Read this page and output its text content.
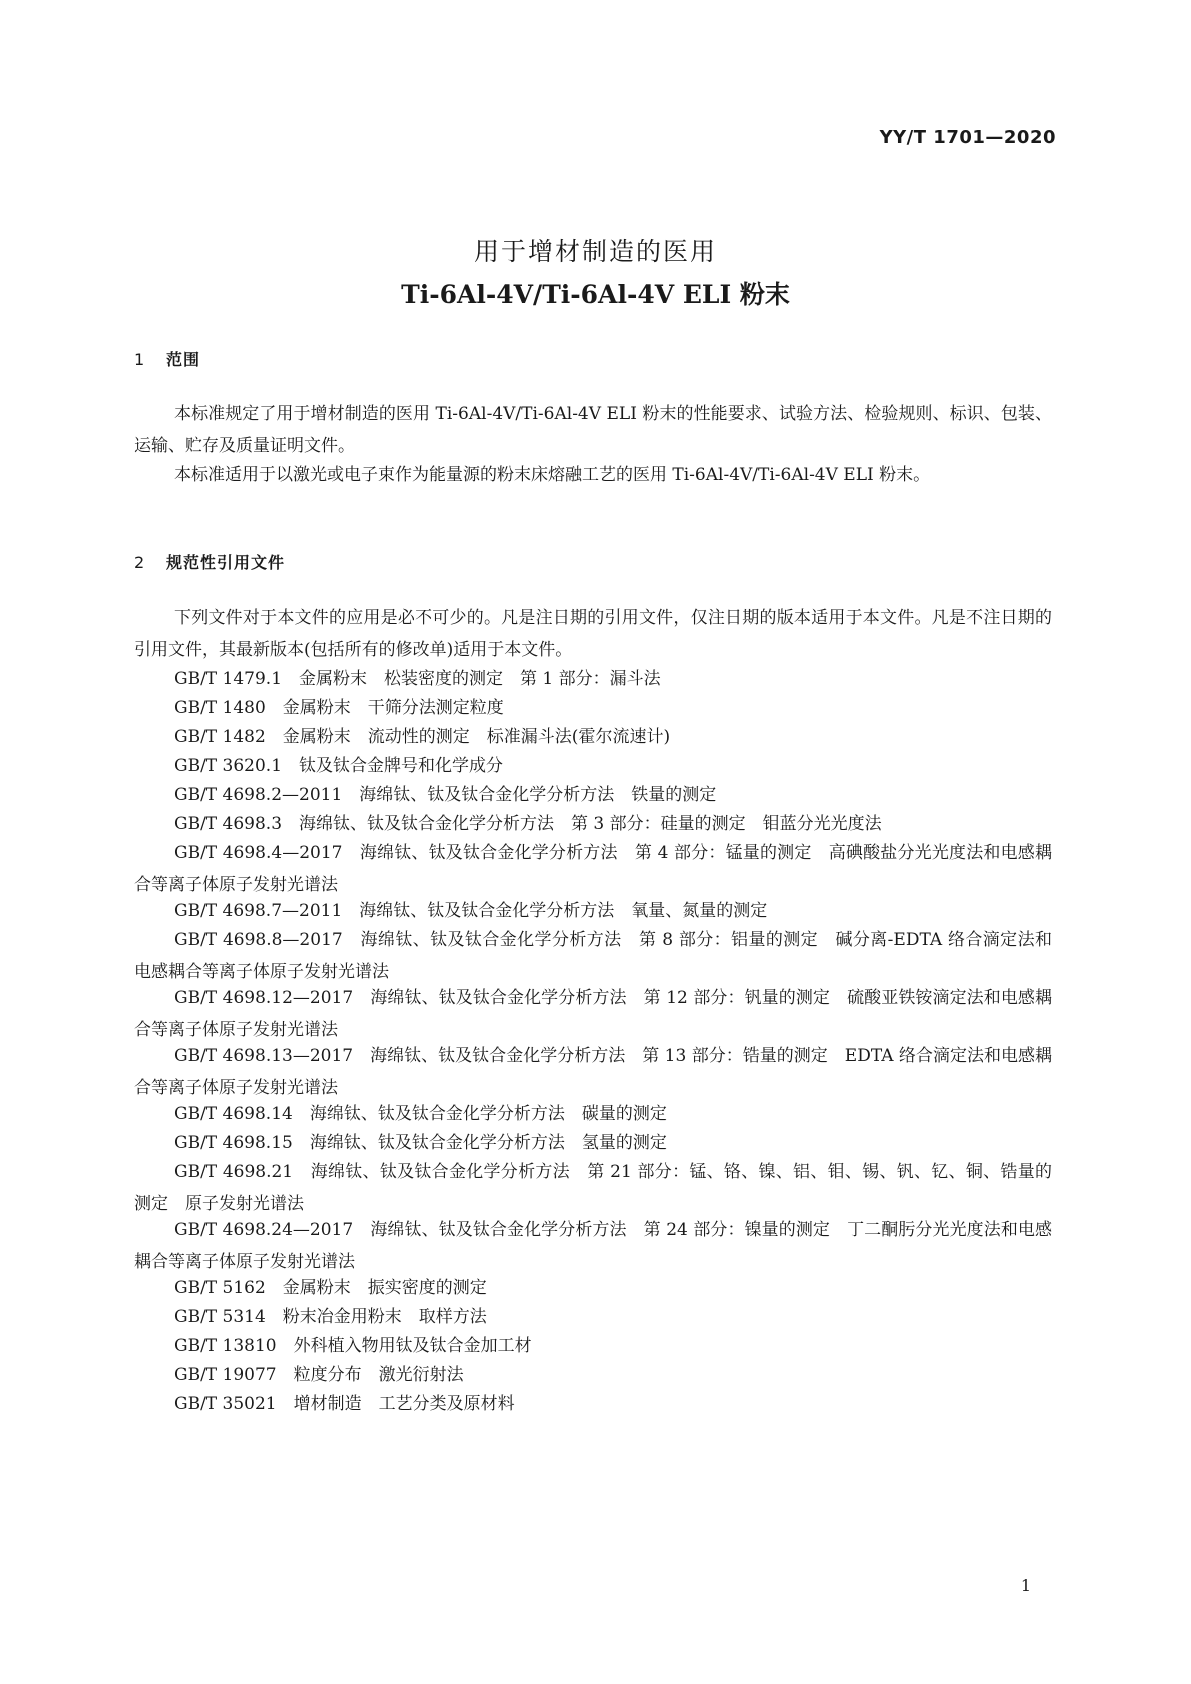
YY/T 1701—2020
用于增材制造的医用
Ti-6Al-4V/Ti-6Al-4V ELI 粉末
1 范围

本标准规定了用于增材制造的医用 Ti-6Al-4V/Ti-6Al-4V ELI 粉末的性能要求、试验方法、检验规则、标识、包装、运输、贮存及质量证明文件。

本标准适用于以激光或电子束作为能量源的粉末床熔融工艺的医用 Ti-6Al-4V/Ti-6Al-4V ELI 粉末。

2 规范性引用文件

下列文件对于本文件的应用是必不可少的。凡是注日期的引用文件，仅注日期的版本适用于本文件。凡是不注日期的引用文件，其最新版本(包括所有的修改单)适用于本文件。

GB/T 1479.1　金属粉末　松装密度的测定　第 1 部分：漏斗法

GB/T 1480　金属粉末　干筛分法测定粒度

GB/T 1482　金属粉末　流动性的测定　标准漏斗法(霍尔流速计)

GB/T 3620.1　钛及钛合金牌号和化学成分

GB/T 4698.2—2011　海绵钛、钛及钛合金化学分析方法　铁量的测定

GB/T 4698.3　海绵钛、钛及钛合金化学分析方法　第 3 部分：硅量的测定　钼蓝分光光度法

GB/T 4698.4—2017　海绵钛、钛及钛合金化学分析方法　第 4 部分：锰量的测定　高碘酸盐分光光度法和电感耦合等离子体原子发射光谱法

GB/T 4698.7—2011　海绵钛、钛及钛合金化学分析方法　氧量、氮量的测定

GB/T 4698.8—2017　海绵钛、钛及钛合金化学分析方法　第 8 部分：铝量的测定　碱分离-EDTA 络合滴定法和电感耦合等离子体原子发射光谱法

GB/T 4698.12—2017　海绵钛、钛及钛合金化学分析方法　第 12 部分：钒量的测定　硫酸亚铁铵滴定法和电感耦合等离子体原子发射光谱法

GB/T 4698.13—2017　海绵钛、钛及钛合金化学分析方法　第 13 部分：锆量的测定　EDTA 络合滴定法和电感耦合等离子体原子发射光谱法

GB/T 4698.14　海绵钛、钛及钛合金化学分析方法　碳量的测定

GB/T 4698.15　海绵钛、钛及钛合金化学分析方法　氢量的测定

GB/T 4698.21　海绵钛、钛及钛合金化学分析方法　第 21 部分：锰、铬、镍、铝、钼、锡、钒、钇、铜、锆量的测定　原子发射光谱法

GB/T 4698.24—2017　海绵钛、钛及钛合金化学分析方法　第 24 部分：镍量的测定　丁二酮肟分光光度法和电感耦合等离子体原子发射光谱法

GB/T 5162　金属粉末　振实密度的测定

GB/T 5314　粉末冶金用粉末　取样方法

GB/T 13810　外科植入物用钛及钛合金加工材

GB/T 19077　粒度分布　激光衍射法

GB/T 35021　增材制造　工艺分类及原材料

1
